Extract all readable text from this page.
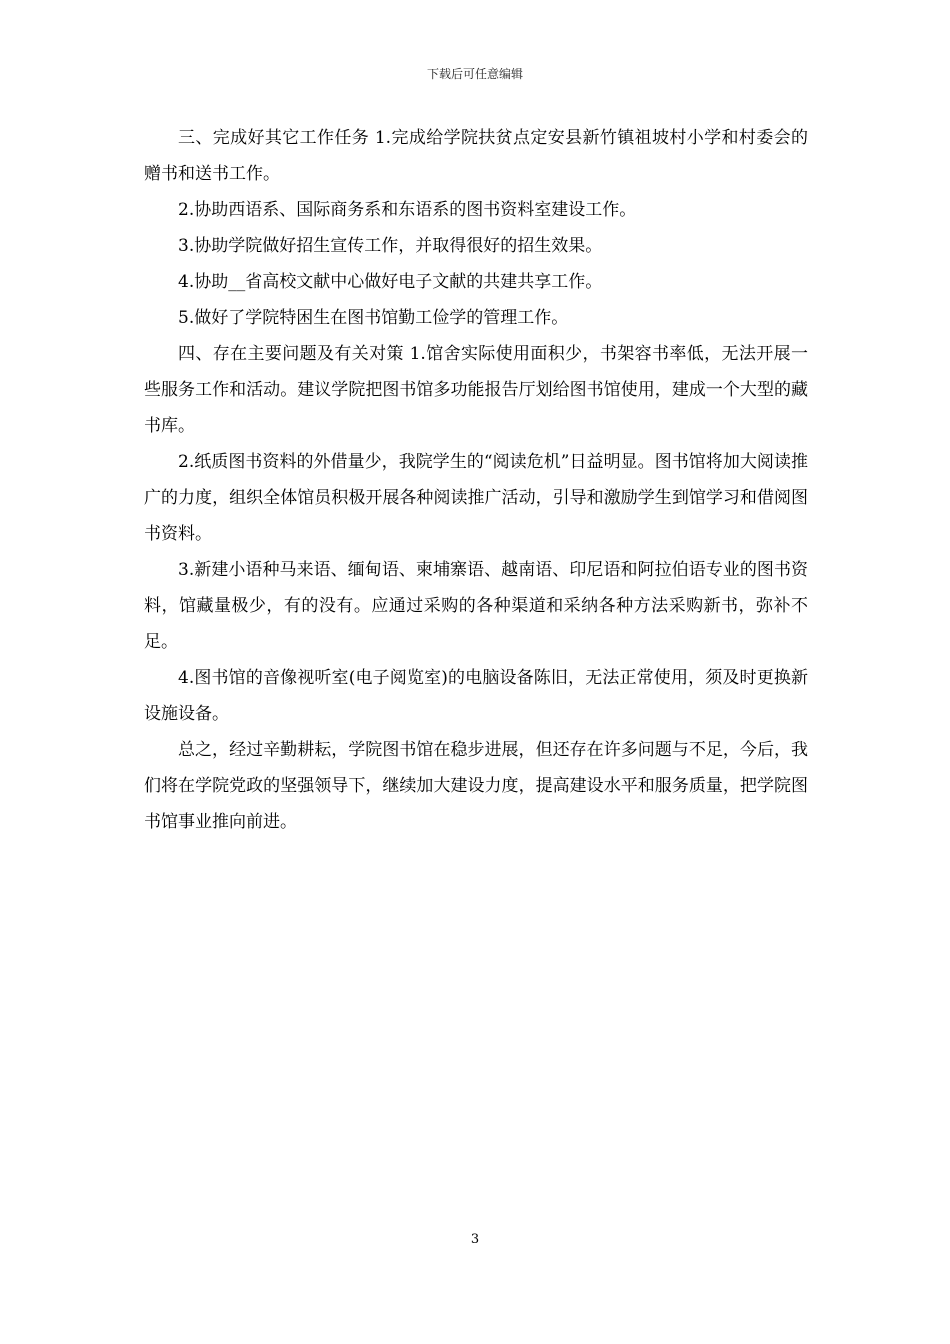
下载后可任意编辑

三、完成好其它工作任务 1.完成给学院扶贫点定安县新竹镇祖坡村小学和村委会的赠书和送书工作。

2.协助西语系、国际商务系和东语系的图书资料室建设工作。

3.协助学院做好招生宣传工作，并取得很好的招生效果。

4.协助__省高校文献中心做好电子文献的共建共享工作。

5.做好了学院特困生在图书馆勤工俭学的管理工作。

四、存在主要问题及有关对策 1.馆舍实际使用面积少，书架容书率低，无法开展一些服务工作和活动。建议学院把图书馆多功能报告厅划给图书馆使用，建成一个大型的藏书库。

2.纸质图书资料的外借量少，我院学生的“阅读危机”日益明显。图书馆将加大阅读推广的力度，组织全体馆员积极开展各种阅读推广活动，引导和激励学生到馆学习和借阅图书资料。

3.新建小语种马来语、缅甸语、柬埔寨语、越南语、印尼语和阿拉伯语专业的图书资料，馆藏量极少，有的没有。应通过采购的各种渠道和采纳各种方法采购新书，弥补不足。

4.图书馆的音像视听室(电子阅览室)的电脑设备陈旧，无法正常使用，须及时更换新设施设备。

总之，经过辛勤耕耘，学院图书馆在稳步进展，但还存在许多问题与不足，今后，我们将在学院党政的坚强领导下，继续加大建设力度，提高建设水平和服务质量，把学院图书馆事业推向前进。

3
